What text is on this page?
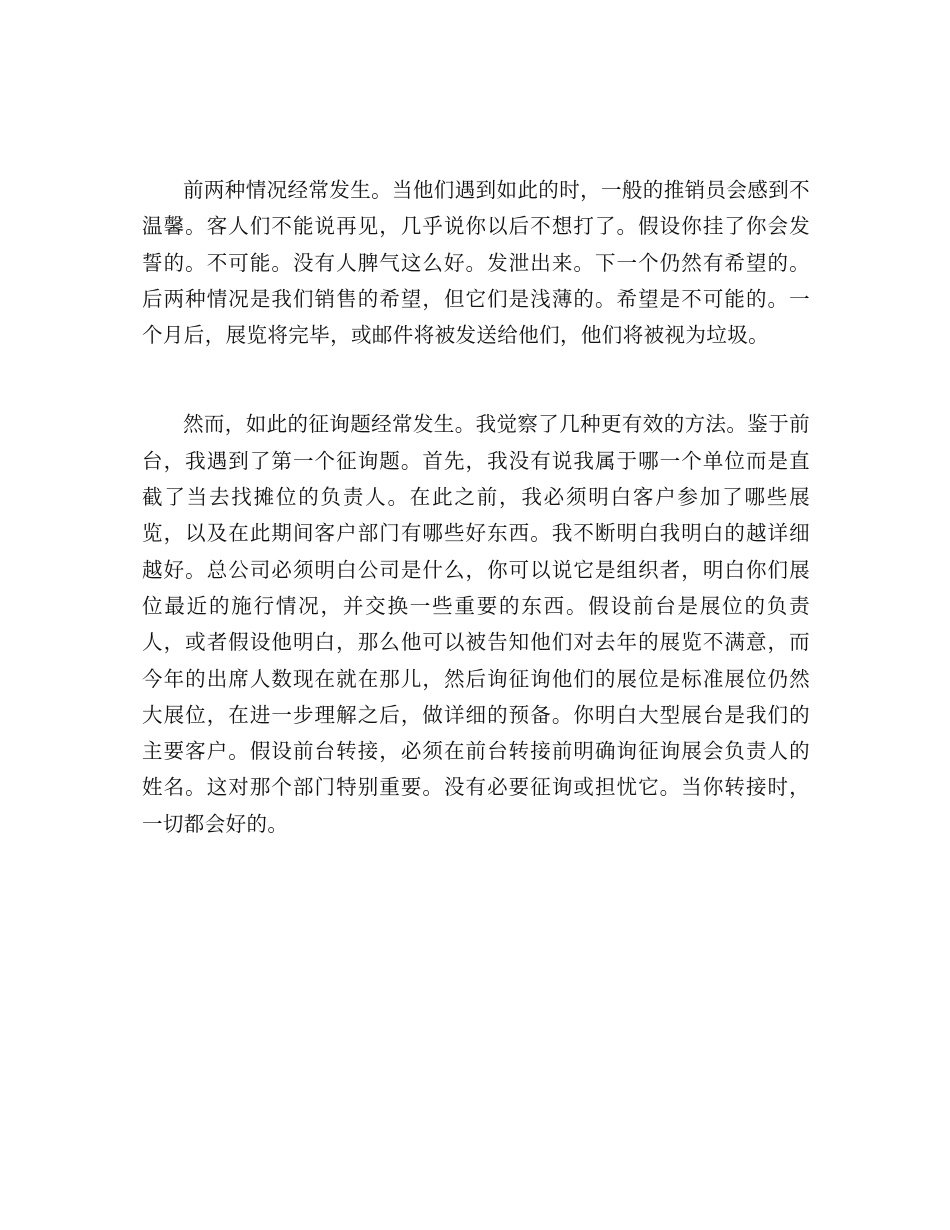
前两种情况经常发生。当他们遇到如此的时，一般的推销员会感到不温馨。客人们不能说再见，几乎说你以后不想打了。假设你挂了你会发誓的。不可能。没有人脾气这么好。发泄出来。下一个仍然有希望的。后两种情况是我们销售的希望，但它们是浅薄的。希望是不可能的。一个月后，展览将完毕，或邮件将被发送给他们，他们将被视为垃圾。

然而，如此的征询题经常发生。我觉察了几种更有效的方法。鉴于前台，我遇到了第一个征询题。首先，我没有说我属于哪一个单位而是直截了当去找摊位的负责人。在此之前，我必须明白客户参加了哪些展览，以及在此期间客户部门有哪些好东西。我不断明白我明白的越详细越好。总公司必须明白公司是什么，你可以说它是组织者，明白你们展位最近的施行情况，并交换一些重要的东西。假设前台是展位的负责人，或者假设他明白，那么他可以被告知他们对去年的展览不满意，而今年的出席人数现在就在那儿，然后询征询他们的展位是标准展位仍然大展位，在进一步理解之后，做详细的预备。你明白大型展台是我们的主要客户。假设前台转接，必须在前台转接前明确询征询展会负责人的姓名。这对那个部门特别重要。没有必要征询或担忧它。当你转接时，一切都会好的。
